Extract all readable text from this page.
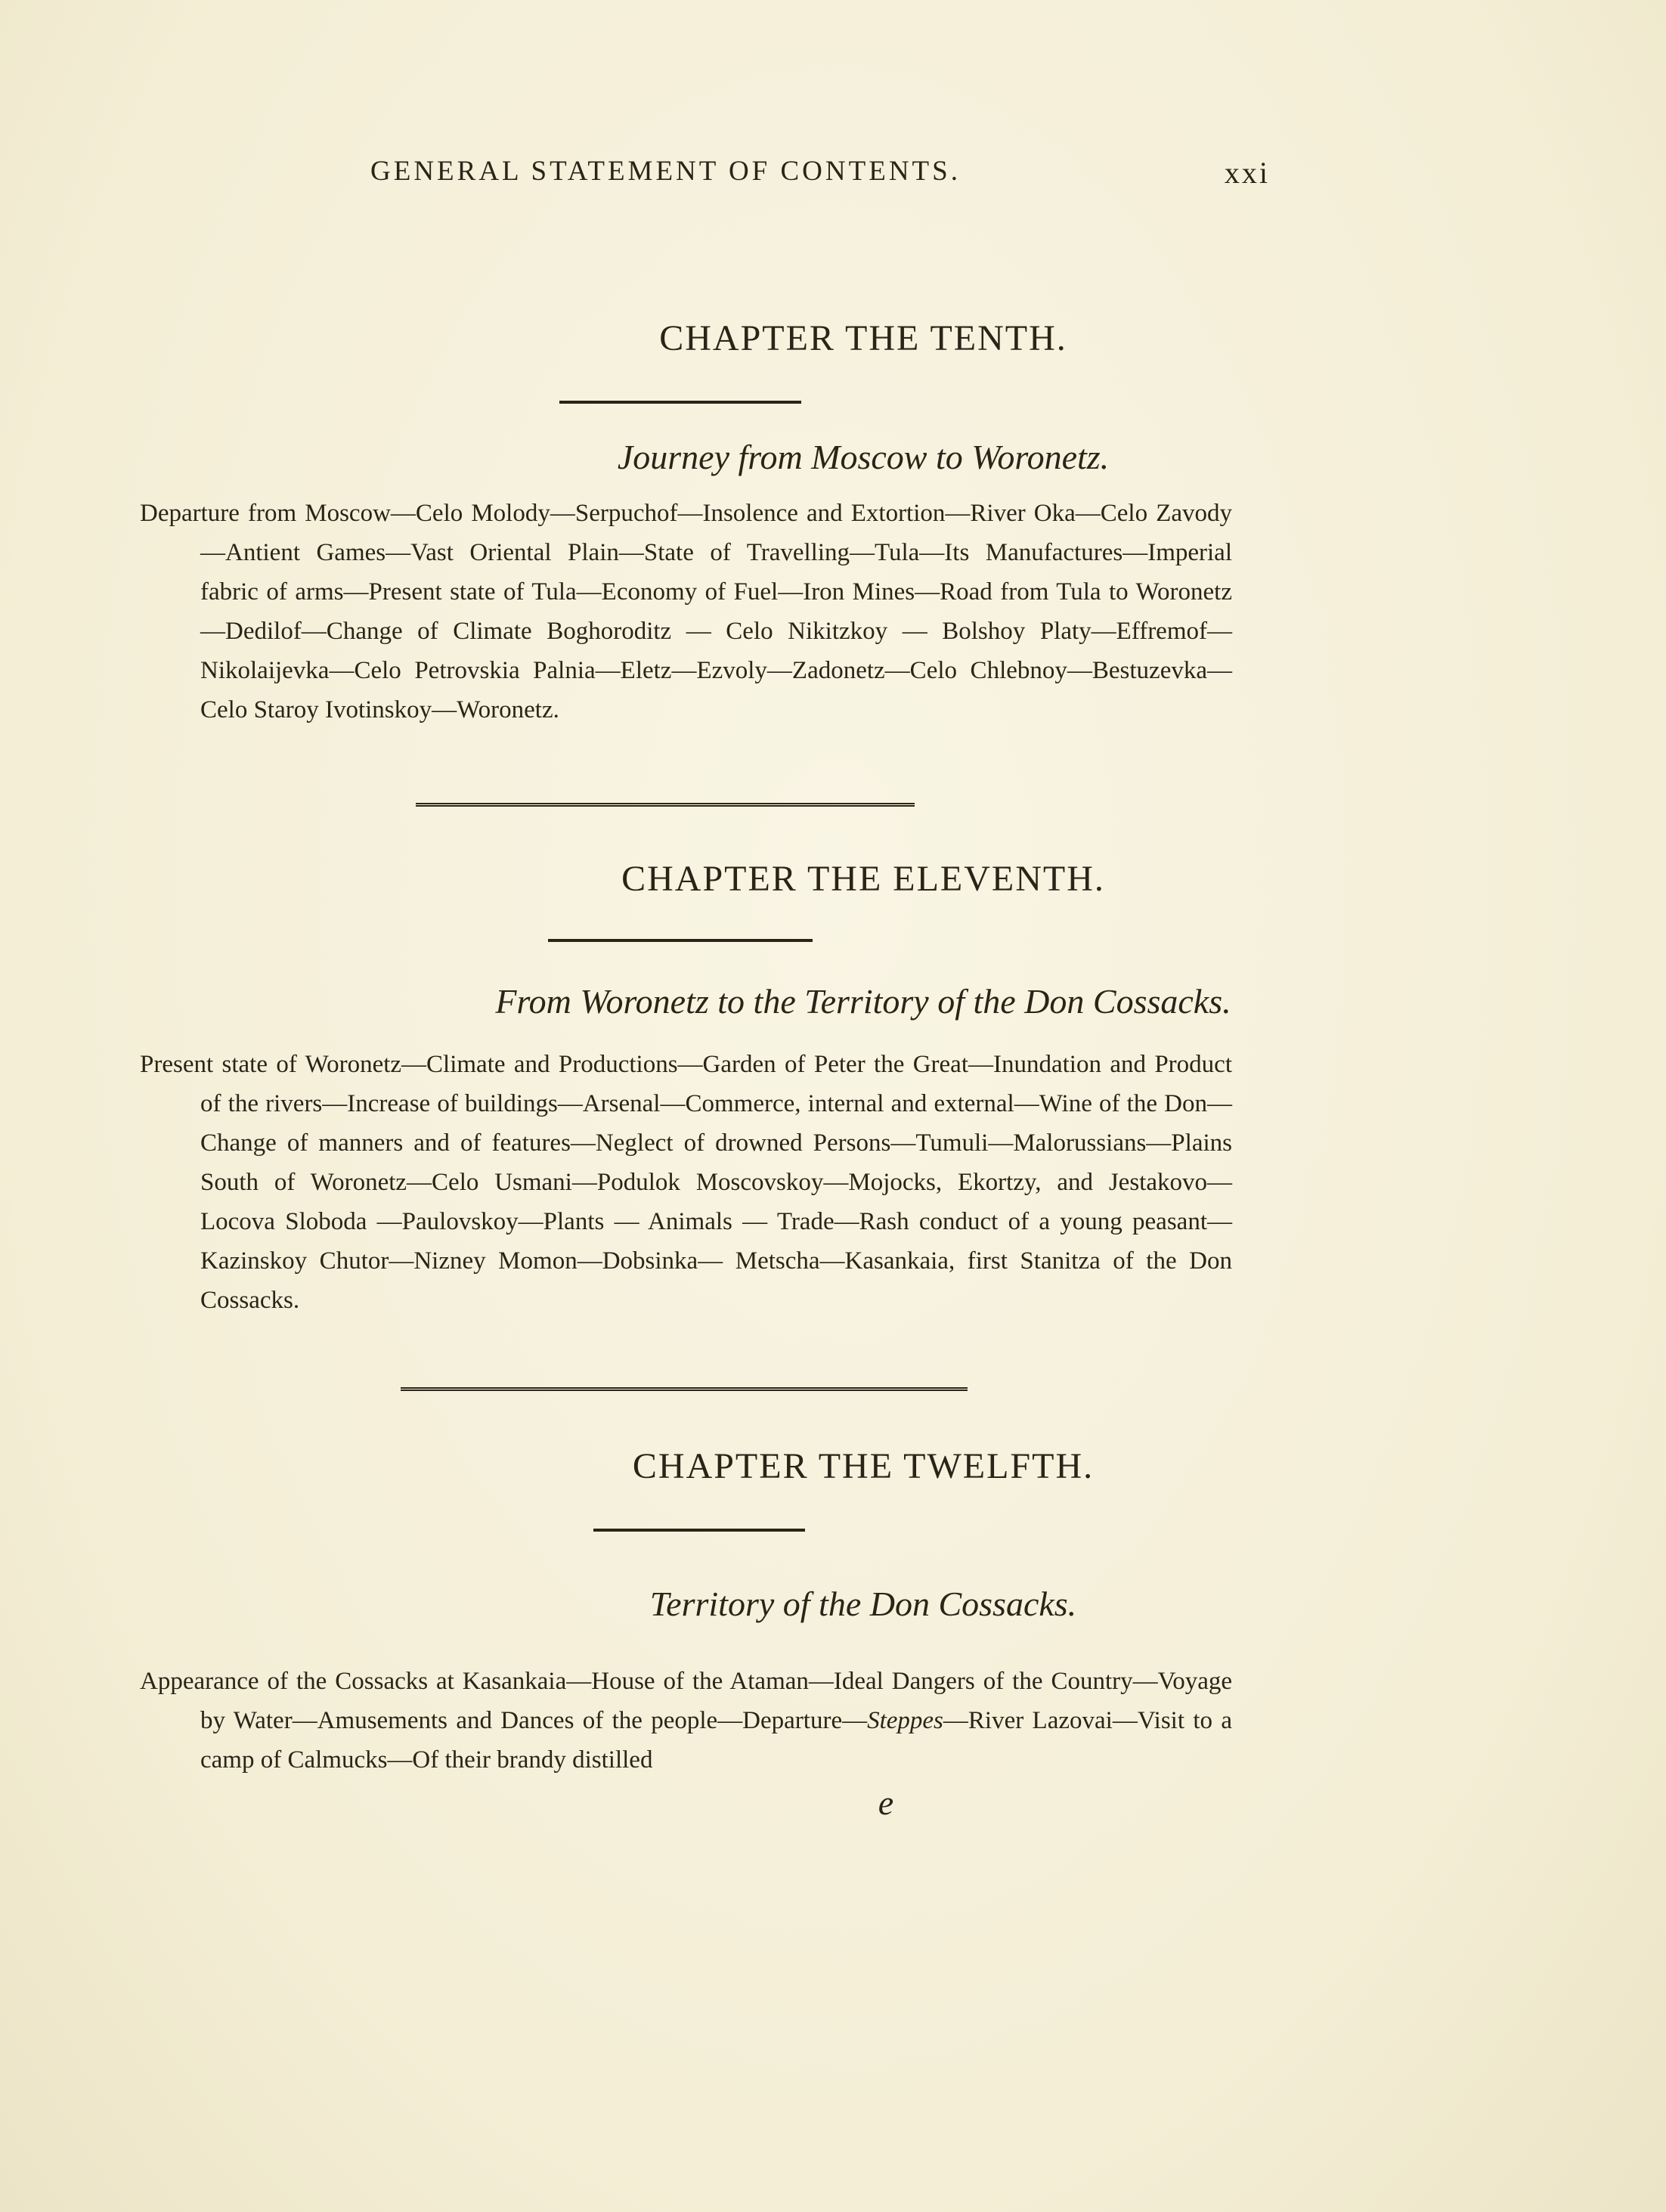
GENERAL STATEMENT OF CONTENTS.	xxi
CHAPTER THE TENTH.
Journey from Moscow to Woronetz.
Departure from Moscow—Celo Molody—Serpuchof—Insolence and Extortion—River Oka—Celo Zavody—Antient Games—Vast Oriental Plain—State of Travelling—Tula—Its Manufactures—Imperial fabric of arms—Present state of Tula—Economy of Fuel—Iron Mines—Road from Tula to Woronetz—Dedilof—Change of Climate Boghoroditz — Celo Nikitzkoy — Bolshoy Platy—Effremof—Nikolaijevka—Celo Petrovskia Palnia—Eletz—Ezvoly—Zadonetz—Celo Chlebnoy—Bestuzevka—Celo Staroy Ivotinskoy—Woronetz.
CHAPTER THE ELEVENTH.
From Woronetz to the Territory of the Don Cossacks.
Present state of Woronetz—Climate and Productions—Garden of Peter the Great—Inundation and Product of the rivers—Increase of buildings—Arsenal—Commerce, internal and external—Wine of the Don—Change of manners and of features—Neglect of drowned Persons—Tumuli—Malorussians—Plains South of Woronetz—Celo Usmani—Podulok Moscovskoy—Mojocks, Ekortzy, and Jestakovo—Locova Sloboda —Paulovskoy—Plants — Animals — Trade—Rash conduct of a young peasant—Kazinskoy Chutor—Nizney Momon—Dobsinka— Metscha—Kasankaia, first Stanitza of the Don Cossacks.
CHAPTER THE TWELFTH.
Territory of the Don Cossacks.
Appearance of the Cossacks at Kasankaia—House of the Ataman—Ideal Dangers of the Country—Voyage by Water—Amusements and Dances of the people—Departure—Steppes—River Lazovai—Visit to a camp of Calmucks—Of their brandy distilled
e
